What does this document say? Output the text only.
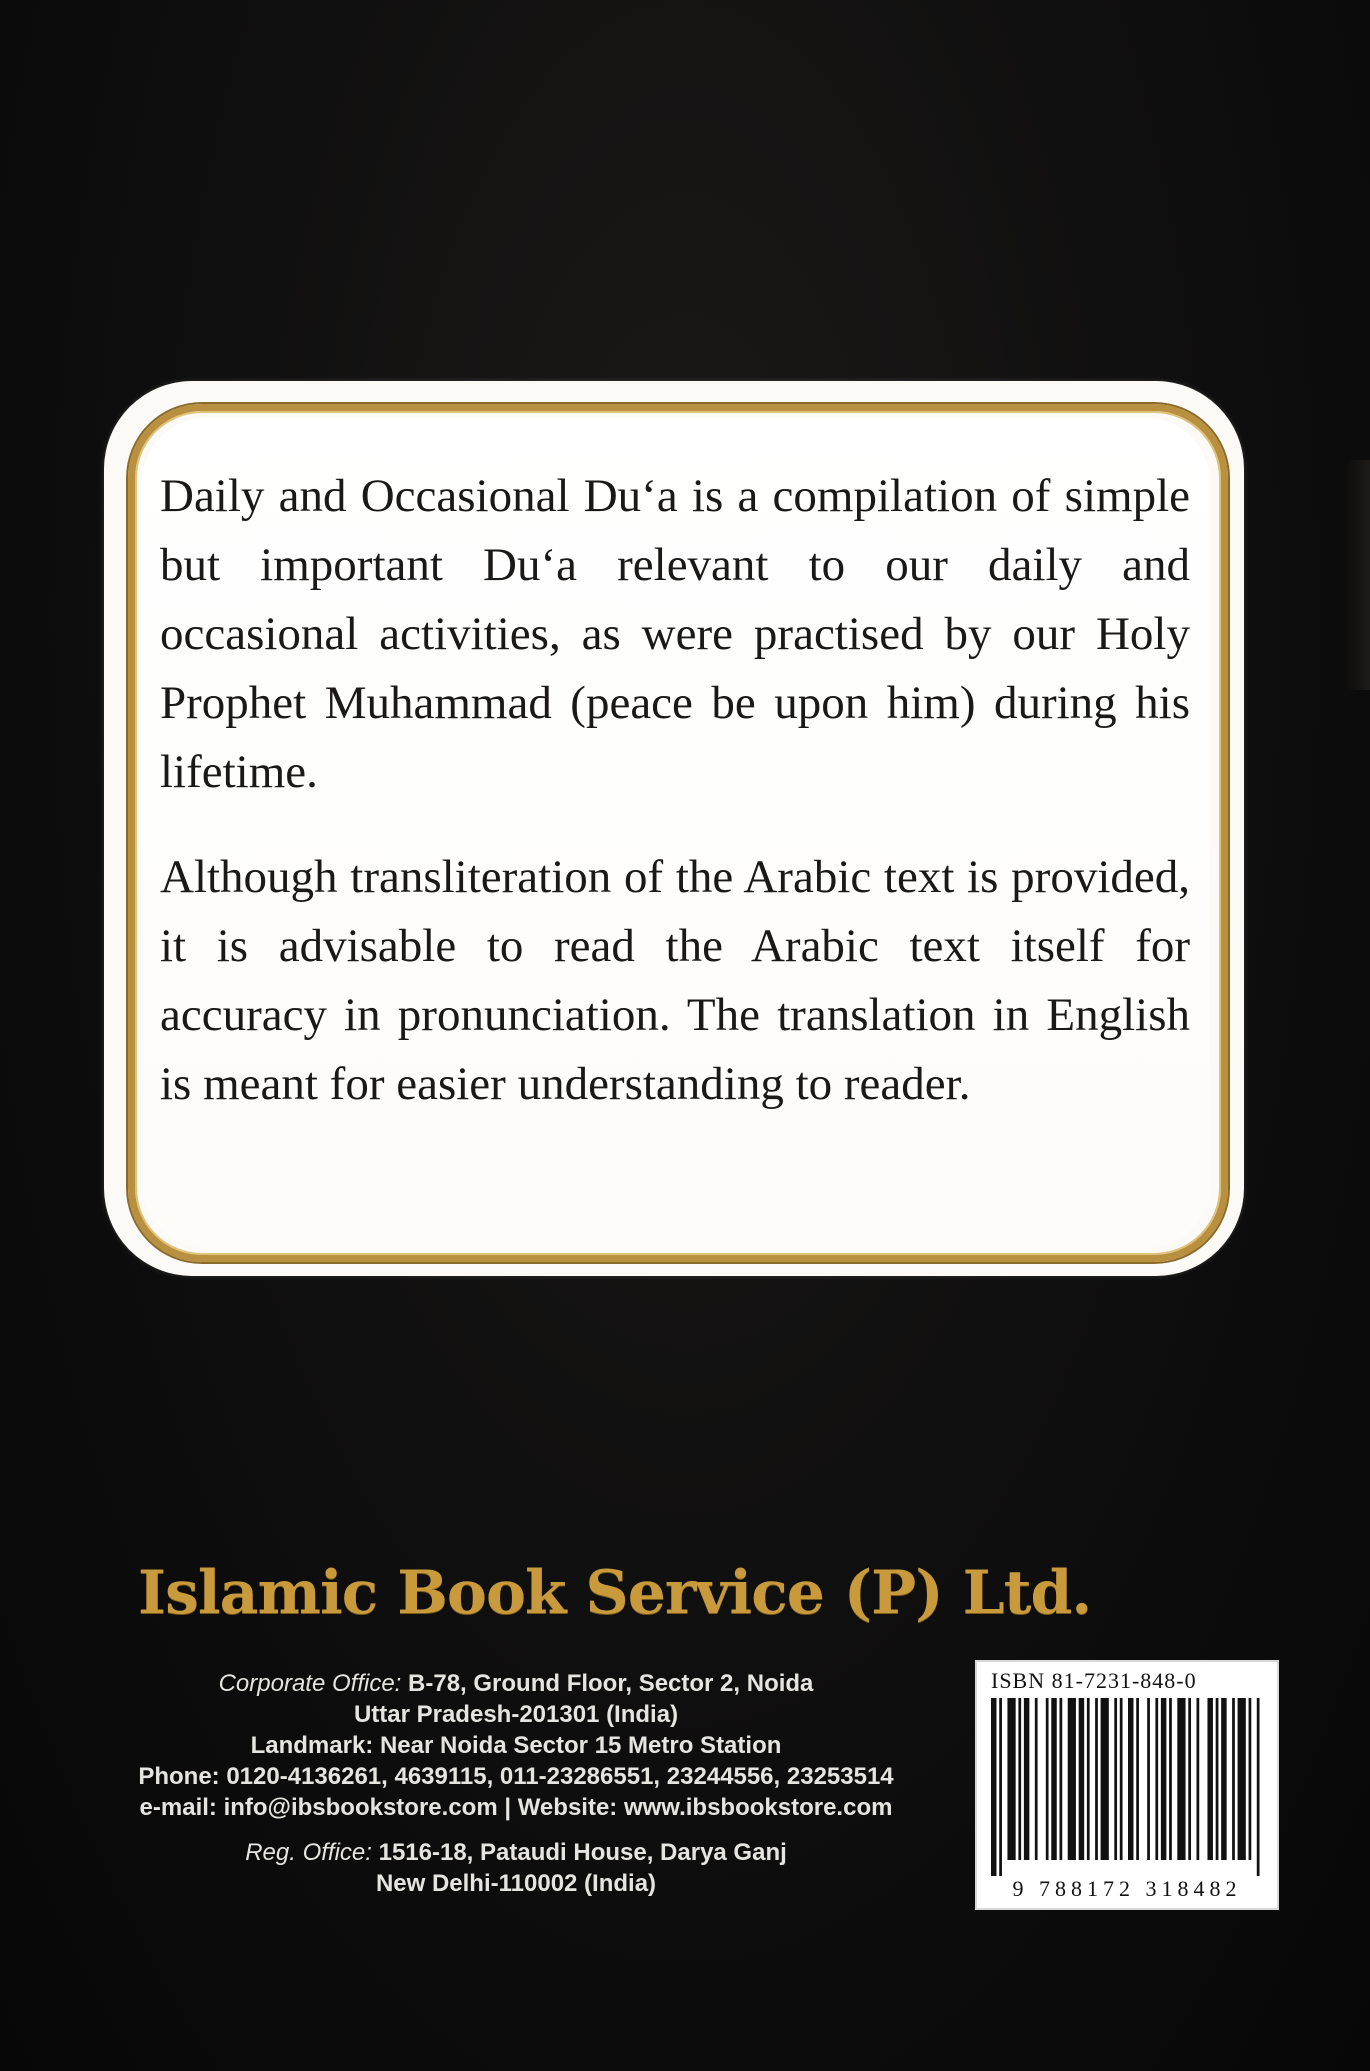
Daily and Occasional Du‘a is a compilation of simple but important Du‘a relevant to our daily and occasional activities, as were practised by our Holy Prophet Muhammad (peace be upon him) during his lifetime.

Although transliteration of the Arabic text is provided, it is advisable to read the Arabic text itself for accuracy in pronunciation. The translation in English is meant for easier understanding to reader.

Islamic Book Service (P) Ltd.
Corporate Office: B-78, Ground Floor, Sector 2, Noida
Uttar Pradesh-201301 (India)
Landmark: Near Noida Sector 15 Metro Station
Phone: 0120-4136261, 4639115, 011-23286551, 23244556, 23253514
e-mail: info@ibsbookstore.com | Website: www.ibsbookstore.com
Reg. Office: 1516-18, Pataudi House, Darya Ganj
New Delhi-110002 (India)
ISBN 81-7231-848-0
9 788172 318482
